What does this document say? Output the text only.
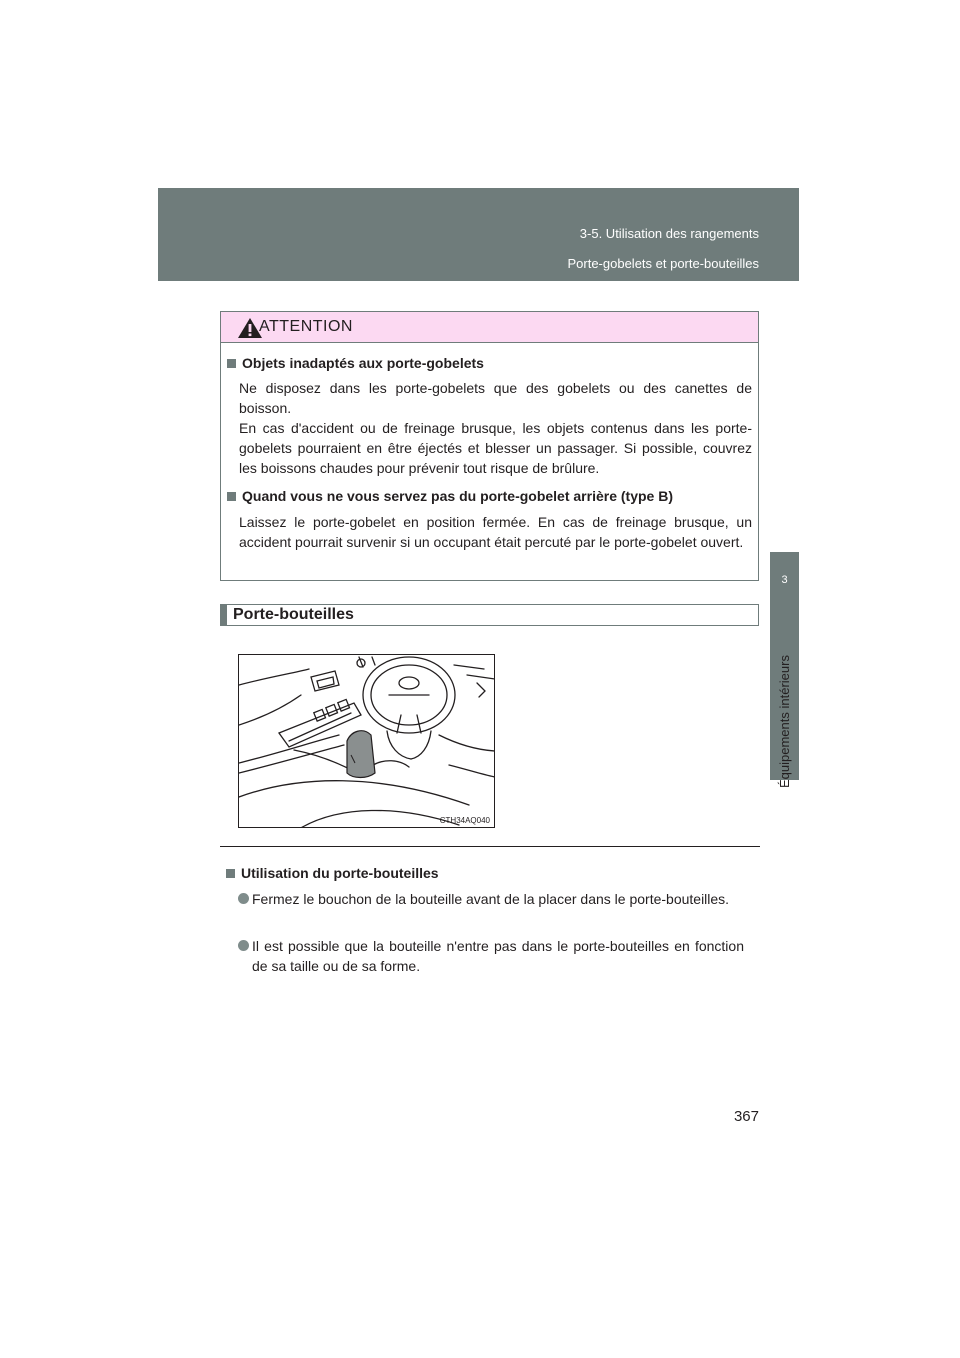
3-5. Utilisation des rangements
Porte-gobelets et porte-bouteilles
3
Équipements intérieurs
ATTENTION
Objets inadaptés aux porte-gobelets
Ne disposez dans les porte-gobelets que des gobelets ou des canettes de boisson.
En cas d'accident ou de freinage brusque, les objets contenus dans les porte-gobelets pourraient en être éjectés et blesser un passager. Si possible, couvrez les boissons chaudes pour prévenir tout risque de brûlure.
Quand vous ne vous servez pas du porte-gobelet arrière (type B)
Laissez le porte-gobelet en position fermée. En cas de freinage brusque, un accident pourrait survenir si un occupant était percuté par le porte-gobelet ouvert.
Porte-bouteilles
CTH34AQ040
Utilisation du porte-bouteilles
Fermez le bouchon de la bouteille avant de la placer dans le porte-bouteilles.
Il est possible que la bouteille n'entre pas dans le porte-bouteilles en fonction de sa taille ou de sa forme.
367
